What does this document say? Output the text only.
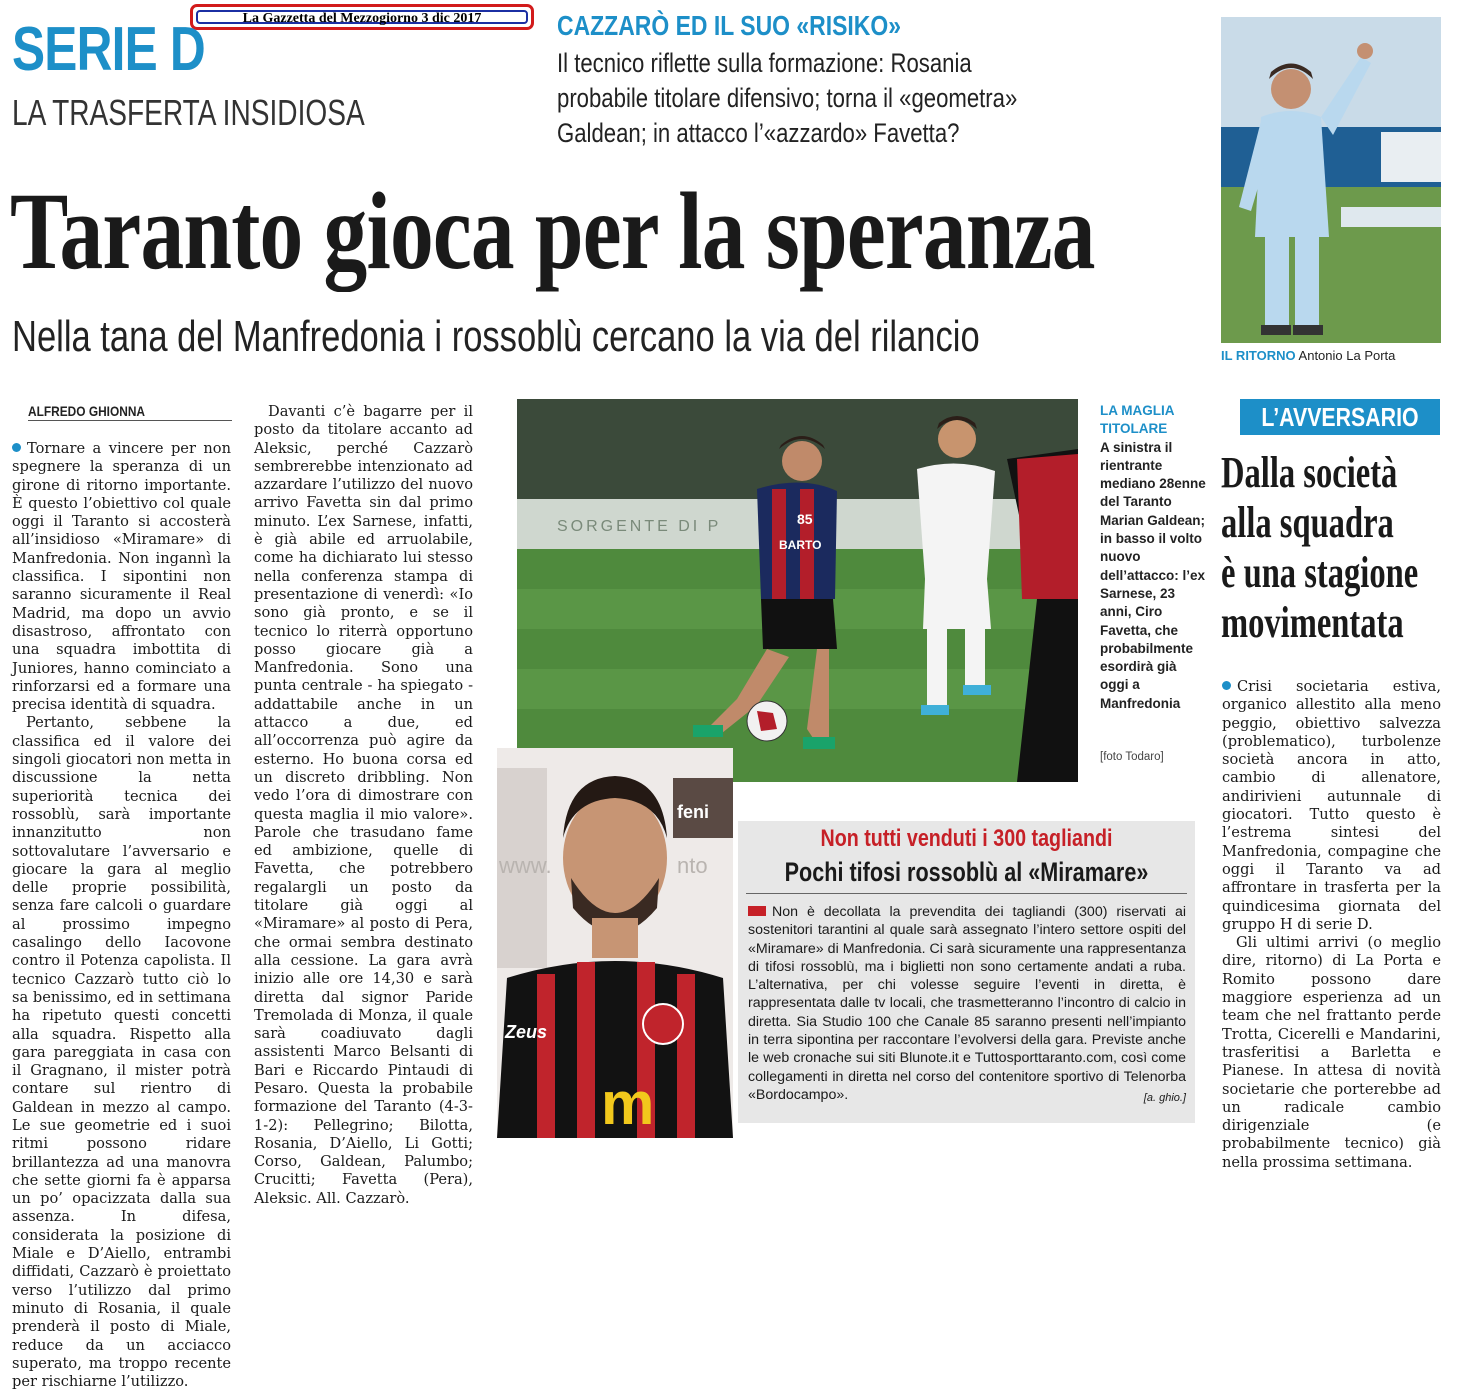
La Gazzetta del Mezzogiorno 3 dic 2017
SERIE D
LA TRASFERTA INSIDIOSA
CAZZARÒ ED IL SUO «RISIKO»
Il tecnico riflette sulla formazione: Rosania
probabile titolare difensivo; torna il «geometra»
Galdean; in attacco l’«azzardo» Favetta?
Taranto gioca per la speranza
Nella tana del Manfredonia i rossoblù cercano la via del rilancio	IL RITORNO Antonio La Porta
ALFREDO GHIONNA

Tornare a vincere per non spegnere la speranza di un girone di ritorno importante. È questo l’obiettivo col quale oggi il Taranto si accosterà all’insidioso «Miramare» di Manfredonia. Non ingannì la classifica. I sipontini non saranno sicuramente il Real Madrid, ma dopo un avvio disastroso, affrontato con una squadra imbottita di Juniores, hanno cominciato a rinforzarsi ed a formare una precisa identità di squadra.

Pertanto, sebbene la classifica ed il valore dei singoli giocatori non metta in discussione la netta superiorità tecnica dei rossoblù, sarà importante innanzitutto non sottovalutare l’avversario e giocare la gara al meglio delle proprie possibilità, senza fare calcoli o guardare al prossimo impegno casalingo dello Iacovone contro il Potenza capolista. Il tecnico Cazzarò tutto ciò lo sa benissimo, ed in settimana ha ripetuto questi concetti alla squadra. Rispetto alla gara pareggiata in casa con il Gragnano, il mister potrà contare sul rientro di Galdean in mezzo al campo. Le sue geometrie ed i suoi ritmi possono ridare brillantezza ad una manovra che sette giorni fa è apparsa un po’ opacizzata dalla sua assenza. In difesa, considerata la posizione di Miale e D’Aiello, entrambi diffidati, Cazzarò è proiettato verso l’utilizzo dal primo minuto di Rosania, il quale prenderà il posto di Miale, reduce da un acciacco superato, ma troppo recente per rischiarne l’utilizzo.

Davanti c’è bagarre per il posto da titolare accanto ad Aleksic, perché Cazzarò sembrerebbe intenzionato ad azzardare l’utilizzo del nuovo arrivo Favetta sin dal primo minuto. L’ex Sarnese, infatti, è già abile ed arruolabile, come ha dichiarato lui stesso nella conferenza stampa di presentazione di venerdì: «Io sono già pronto, e se il tecnico lo riterrà opportuno posso giocare già a Manfredonia. Sono una punta centrale - ha spiegato - addattabile anche in un attacco a due, ed all’occorrenza può agire da esterno. Ho buona corsa ed un discreto dribbling. Non vedo l’ora di dimostrare con questa maglia il mio valore». Parole che trasudano fame ed ambizione, quelle di Favetta, che potrebbero regalargli un posto da titolare già oggi al «Miramare» al posto di Pera, che ormai sembra destinato alla cessione. La gara avrà inizio alle ore 14,30 e sarà diretta dal signor Paride Tremolada di Monza, il quale sarà coadiuvato dagli assistenti Marco Belsanti di Bari e Riccardo Pintaudi di Pesaro. Questa la probabile formazione del Taranto (4-3-1-2): Pellegrino; Bilotta, Rosania, D’Aiello, Li Gotti; Corso, Galdean, Palumbo; Crucitti; Favetta (Pera), Aleksic. All. Cazzarò.

SORGENTE DI P	85
BARTO
feni
nto
www.
Zeus
m
LA MAGLIA TITOLARE
A sinistra il rientrante mediano 28enne del Taranto Marian Galdean; in basso il volto nuovo dell’attacco: l’ex Sarnese, 23 anni, Ciro Favetta, che probabilmente esordirà già oggi a Manfredonia
[foto Todaro]
Non tutti venduti i 300 tagliandi
Pochi tifosi rossoblù al «Miramare»
Non è decollata la prevendita dei tagliandi (300) riservati ai sostenitori tarantini al quale sarà assegnato l’intero settore ospiti del «Miramare» di Manfredonia. Ci sarà sicuramente una rappresentanza di tifosi rossoblù, ma i biglietti non sono certamente andati a ruba. L’alternativa, per chi volesse seguire l’eventi in diretta, è rappresentata dalle tv locali, che trasmetteranno l’incontro di calcio in diretta. Sia Studio 100 che Canale 85 saranno presenti nell’impianto in terra sipontina per raccontare l’evolversi della gara. Previste anche le web cronache sui siti Blunote.it e Tuttosporttaranto.com, così come collegamenti in diretta nel corso del contenitore sportivo di Telenorba «Bordocampo».	[a. ghio.]
L’AVVERSARIO
Dalla società
alla squadra
è una stagione
movimentata

Crisi societaria estiva, organico allestito alla meno peggio, obiettivo salvezza (problematico), turbolenze società ancora in atto, cambio di allenatore, andirivieni autunnale di giocatori. Tutto questo è l’estrema sintesi del Manfredonia, compagine che oggi il Taranto va ad affrontare in trasferta per la quindicesima giornata del gruppo H di serie D.

Gli ultimi arrivi (o meglio dire, ritorno) di La Porta e Romito possono dare maggiore esperienza ad un team che nel frattanto perde Trotta, Cicerelli e Mandarini, trasferitisi a Barletta e Pianese. In attesa di novità societarie che porterebbe ad un radicale cambio dirigenziale (e probabilmente tecnico) già nella prossima settimana.
